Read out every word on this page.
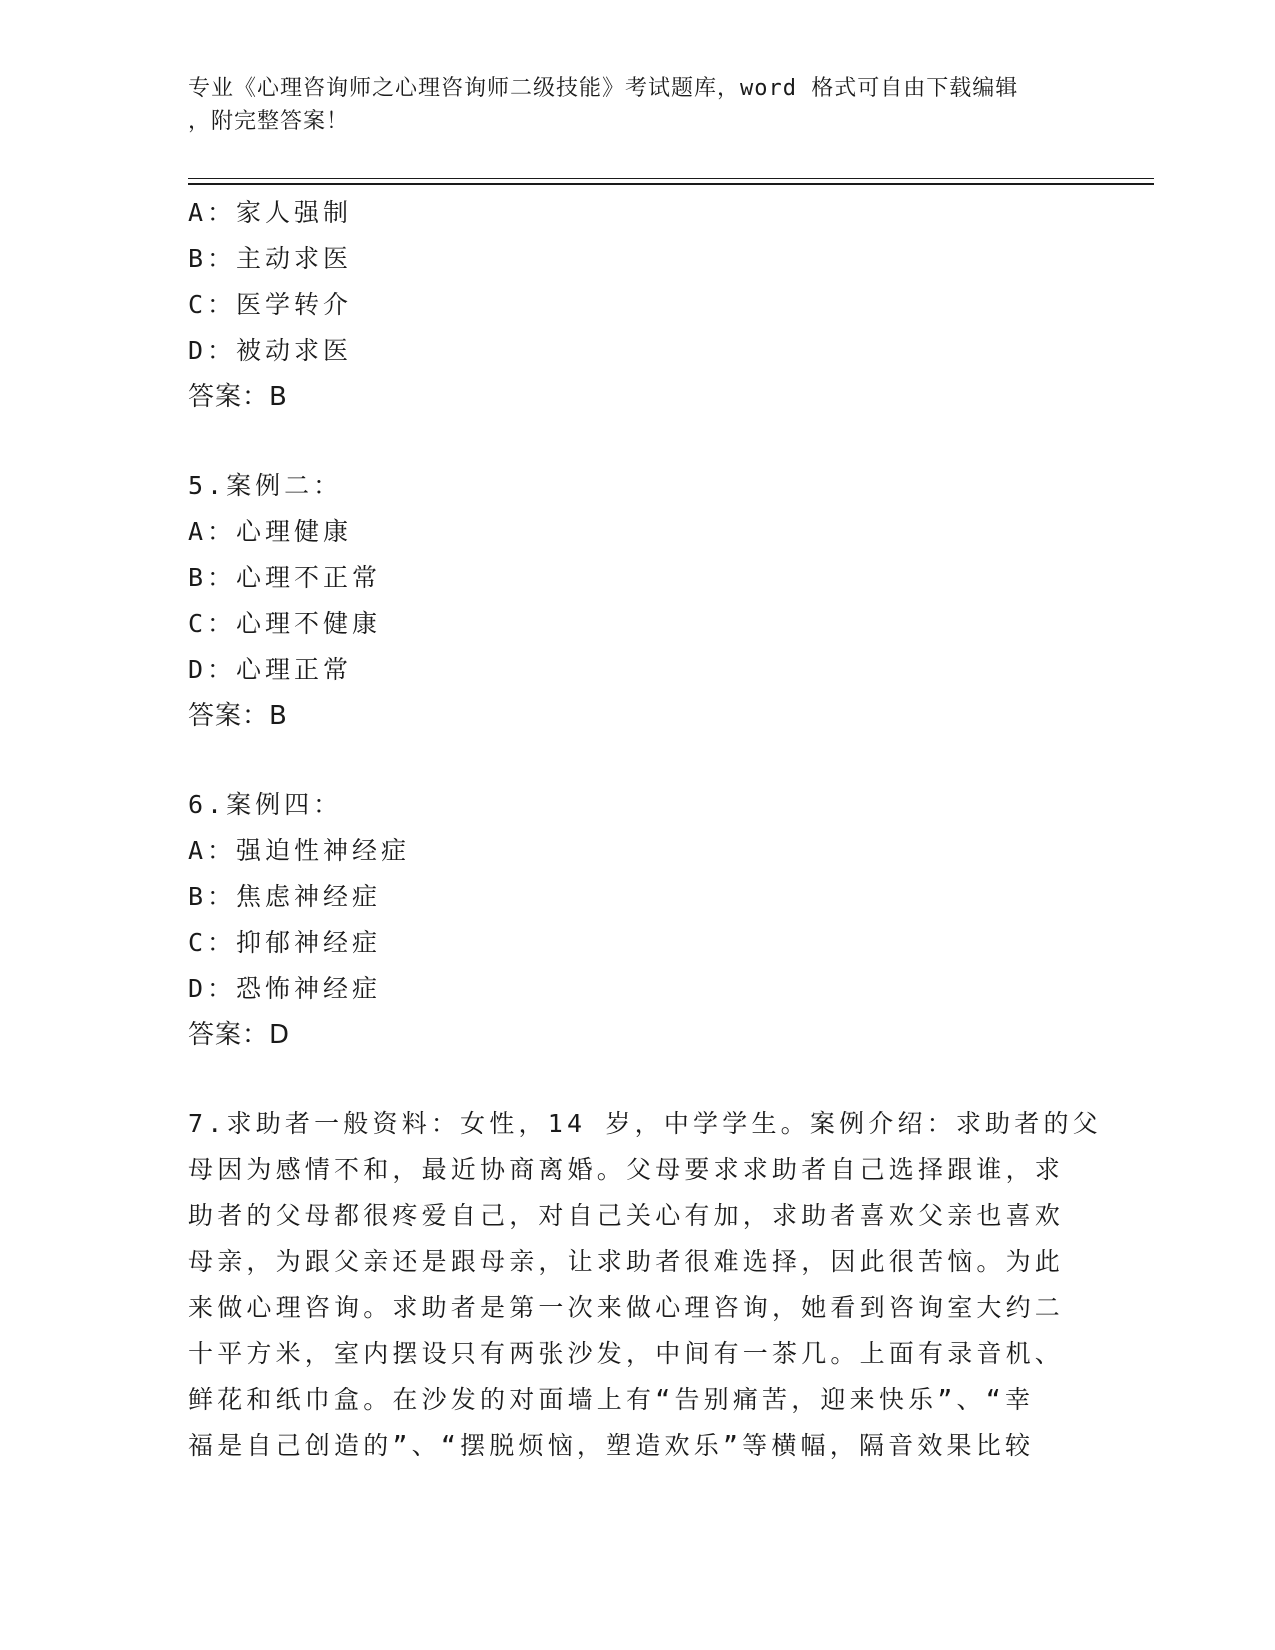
专业《心理咨询师之心理咨询师二级技能》考试题库，word 格式可自由下载编辑
，附完整答案！
A：家人强制
B：主动求医
C：医学转介
D：被动求医
答案：B
5.案例二：
A：心理健康
B：心理不正常
C：心理不健康
D：心理正常
答案：B
6.案例四：
A：强迫性神经症
B：焦虑神经症
C：抑郁神经症
D：恐怖神经症
答案：D
7.求助者一般资料：女性，14 岁，中学学生。案例介绍：求助者的父
母因为感情不和，最近协商离婚。父母要求求助者自己选择跟谁，求
助者的父母都很疼爱自己，对自己关心有加，求助者喜欢父亲也喜欢
母亲，为跟父亲还是跟母亲，让求助者很难选择，因此很苦恼。为此
来做心理咨询。求助者是第一次来做心理咨询，她看到咨询室大约二
十平方米，室内摆设只有两张沙发，中间有一茶几。上面有录音机、
鲜花和纸巾盒。在沙发的对面墙上有“告别痛苦，迎来快乐”、“幸
福是自己创造的”、“摆脱烦恼，塑造欢乐”等横幅，隔音效果比较
